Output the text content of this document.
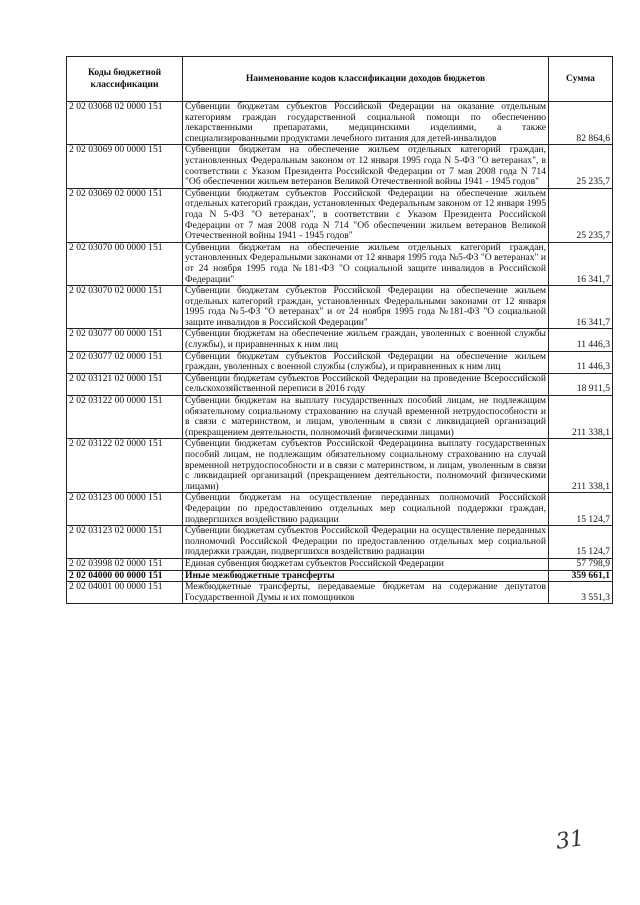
Коды бюджетной классификации	Наименование кодов классификации доходов бюджетов	Сумма
2 02 03068 02 0000 151	Субвенции бюджетам субъектов Российской Федерации на оказание отдельным категориям граждан государственной социальной помощи по обеспечению лекарственными препаратами, медицинскими изделиями, а также специализированными продуктами лечебного питания для детей-инвалидов	82 864,6
2 02 03069 00 0000 151	Субвенции бюджетам на обеспечение жильем отдельных категорий граждан, установленных Федеральным законом от 12 января 1995 года N 5-ФЗ "О ветеранах", в соответствии с Указом Президента Российской Федерации от 7 мая 2008 года N 714 "Об обеспечении жильем ветеранов Великой Отечественной войны 1941 - 1945 годов"	25 235,7
2 02 03069 02 0000 151	Субвенции бюджетам субъектов Российской Федерации на обеспечение жильем отдельных категорий граждан, установленных Федеральным законом от 12 января 1995 года N 5-ФЗ "О ветеранах", в соответствии с Указом Президента Российской Федерации от 7 мая 2008 года N 714 "Об обеспечении жильем ветеранов Великой Отечественной войны 1941 - 1945 годов"	25 235,7
2 02 03070 00 0000 151	Субвенции бюджетам на обеспечение жильем отдельных категорий граждан, установленных Федеральными законами от 12 января 1995 года №5-ФЗ "О ветеранах" и от 24 ноября 1995 года №181-ФЗ "О социальной защите инвалидов в Российской Федерации"	16 341,7
2 02 03070 02 0000 151	Субвенции бюджетам субъектов Российской Федерации на обеспечение жильем отдельных категорий граждан, установленных Федеральными законами от 12 января 1995 года №5-ФЗ "О ветеранах" и от 24 ноября 1995 года №181-ФЗ "О социальной защите инвалидов в Российской Федерации"	16 341,7
2 02 03077 00 0000 151	Субвенции бюджетам на обеспечение жильем граждан, уволенных с военной службы (службы), и приравненных к ним лиц	11 446,3
2 02 03077 02 0000 151	Субвенции бюджетам субъектов Российской Федерации на обеспечение жильем граждан, уволенных с военной службы (службы), и приравненных к ним лиц	11 446,3
2 02 03121 02 0000 151	Субвенции бюджетам субъектов Российской Федерации на проведение Всероссийской сельскохозяйственной переписи в 2016 году	18 911,5
2 02 03122 00 0000 151	Субвенции бюджетам на выплату государственных пособий лицам, не подлежащим обязательному социальному страхованию на случай временной нетрудоспособности и в связи с материнством, и лицам, уволенным в связи с ликвидацией организаций (прекращением деятельности, полномочий физическими лицами)	211 338,1
2 02 03122 02 0000 151	Субвенции бюджетам субъектов Российской Федерациина выплату государственных пособий лицам, не подлежащим обязательному социальному страхованию на случай временной нетрудоспособности и в связи с материнством, и лицам, уволенным в связи с ликвидацией организаций (прекращением деятельности, полномочий физическими лицами)	211 338,1
2 02 03123 00 0000 151	Субвенции бюджетам на осуществление переданных полномочий Российской Федерации по предоставлению отдельных мер социальной поддержки граждан, подвергшихся воздействию радиации	15 124,7
2 02 03123 02 0000 151	Субвенции бюджетам субъектов Российской Федерации на осуществление переданных полномочий Российской Федерации по предоставлению отдельных мер социальной поддержки граждан, подвергшихся воздействию радиации	15 124,7
2 02 03998 02 0000 151	Единая субвенция бюджетам субъектов Российской Федерации	57 798,9
2 02 04000 00 0000 151	Иные межбюджетные трансферты	359 661,1
2 02 04001 00 0000 151	Межбюджетные трансферты, передаваемые бюджетам на содержание депутатов Государственной Думы и их помощников	3 551,3
31
